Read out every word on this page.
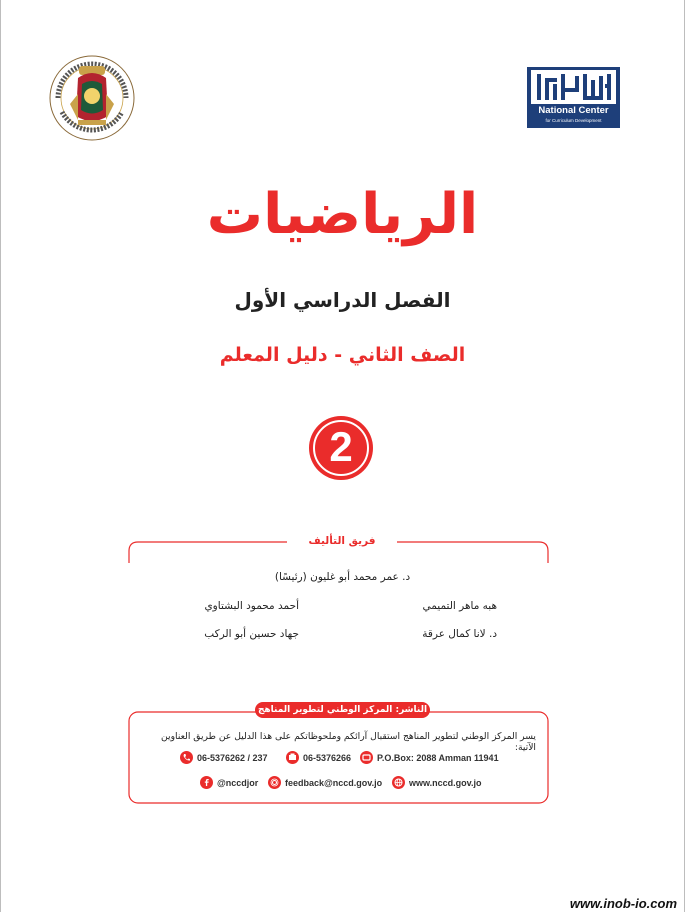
National Center
for Curriculum Development
الرياضيات
الفصل الدراسي الأول
الصف الثاني - دليل المعلم
2
فريق التأليف
د. عمر محمد أبو غليون (رئيسًا)
هبه ماهر التميمي
أحمد محمود البشتاوي
د. لانا كمال عرقة
جهاد حسين أبو الركب
الناشر: المركز الوطني لتطوير المناهج
يسر المركز الوطني لتطوير المناهج استقبال آرائكم وملحوظاتكم على هذا الدليل عن طريق العناوين الآتية:
06-5376262 / 237	06-5376266	P.O.Box: 2088 Amman 11941
@nccdjor	feedback@nccd.gov.jo	www.nccd.gov.jo
www.inob-io.com
